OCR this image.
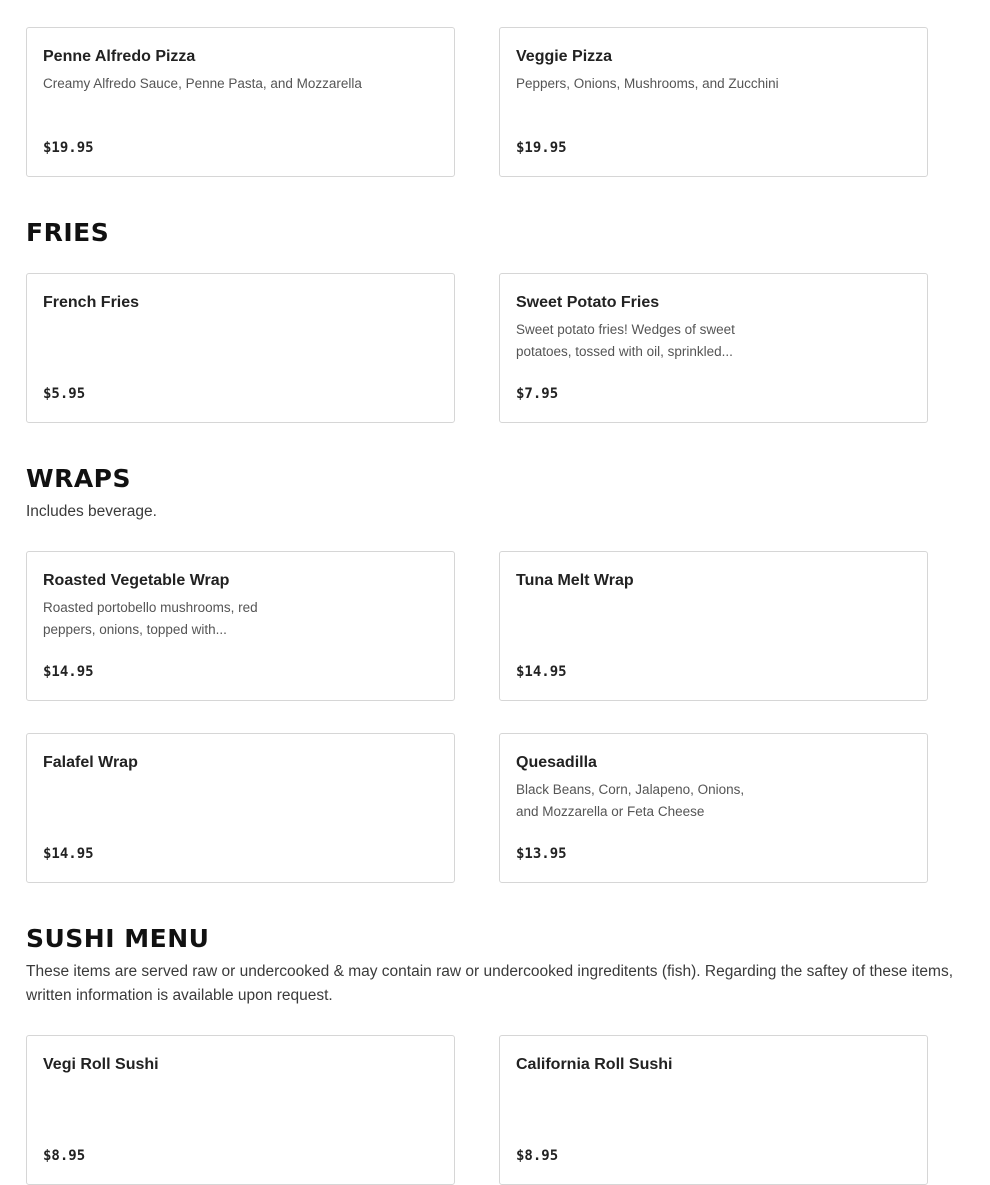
Penne Alfredo Pizza
Creamy Alfredo Sauce, Penne Pasta, and Mozzarella
$19.95
Veggie Pizza
Peppers, Onions, Mushrooms, and Zucchini
$19.95
FRIES
French Fries
$5.95
Sweet Potato Fries
Sweet potato fries! Wedges of sweet potatoes, tossed with oil, sprinkled...
$7.95
WRAPS

Includes beverage.

Roasted Vegetable Wrap
Roasted portobello mushrooms, red peppers, onions, topped with...
$14.95
Tuna Melt Wrap
$14.95
Falafel Wrap
$14.95
Quesadilla
Black Beans, Corn, Jalapeno, Onions, and Mozzarella or Feta Cheese
$13.95
SUSHI MENU

These items are served raw or undercooked & may contain raw or undercooked ingreditents (fish). Regarding the saftey of these items, written information is available upon request.

Vegi Roll Sushi
$8.95
California Roll Sushi
$8.95
